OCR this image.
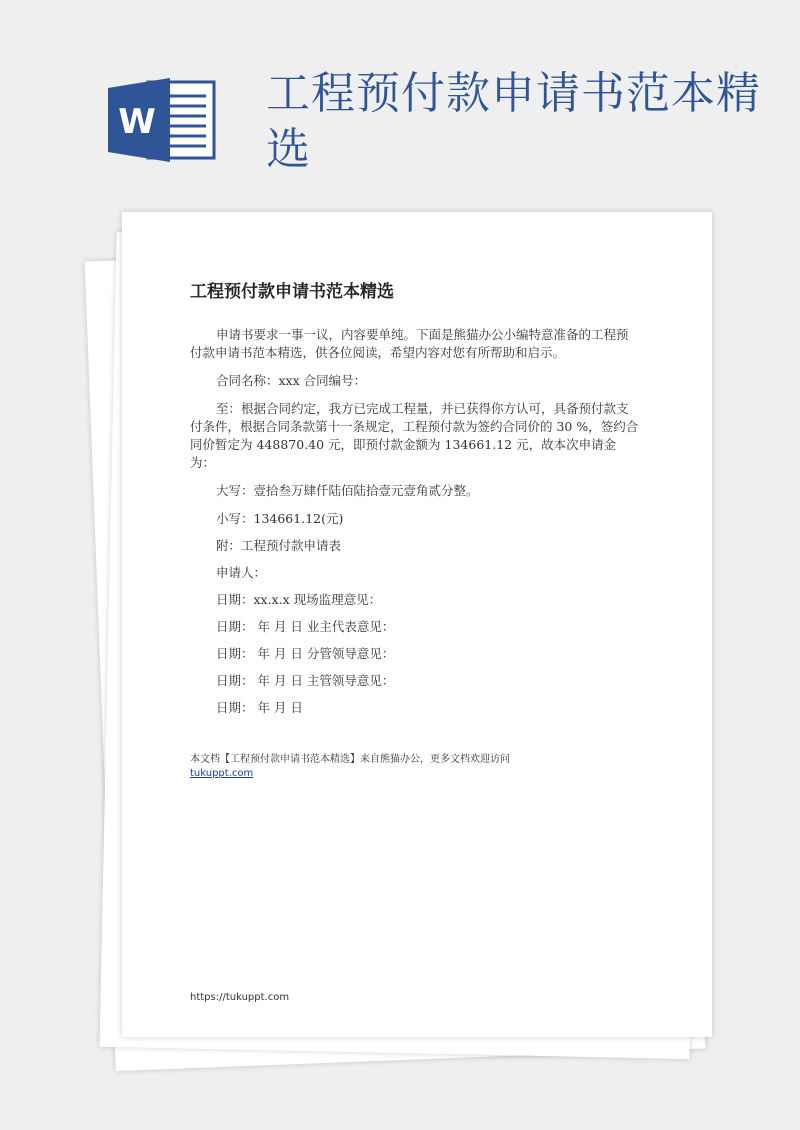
W
工程预付款申请书范本精选
工程预付款申请书范本精选
申请书要求一事一议，内容要单纯。下面是熊猫办公小编特意准备的工程预付款申请书范本精选，供各位阅读，希望内容对您有所帮助和启示。
合同名称：xxx 合同编号：
至：根据合同约定，我方已完成工程量，并已获得你方认可，具备预付款支付条件，根据合同条款第十一条规定，工程预付款为签约合同价的 30 %，签约合同价暂定为 448870.40 元，即预付款金额为 134661.12 元，故本次申请金为：
大写：壹拾叁万肆仟陆佰陆拾壹元壹角贰分整。
小写：134661.12(元)
附：工程预付款申请表
申请人：
日期：xx.x.x 现场监理意见：
日期： 年 月 日 业主代表意见：
日期： 年 月 日 分管领导意见：
日期： 年 月 日 主管领导意见：
日期： 年 月 日
本文档【工程预付款申请书范本精选】来自熊猫办公，更多文档欢迎访问
tukuppt.com
https://tukuppt.com
